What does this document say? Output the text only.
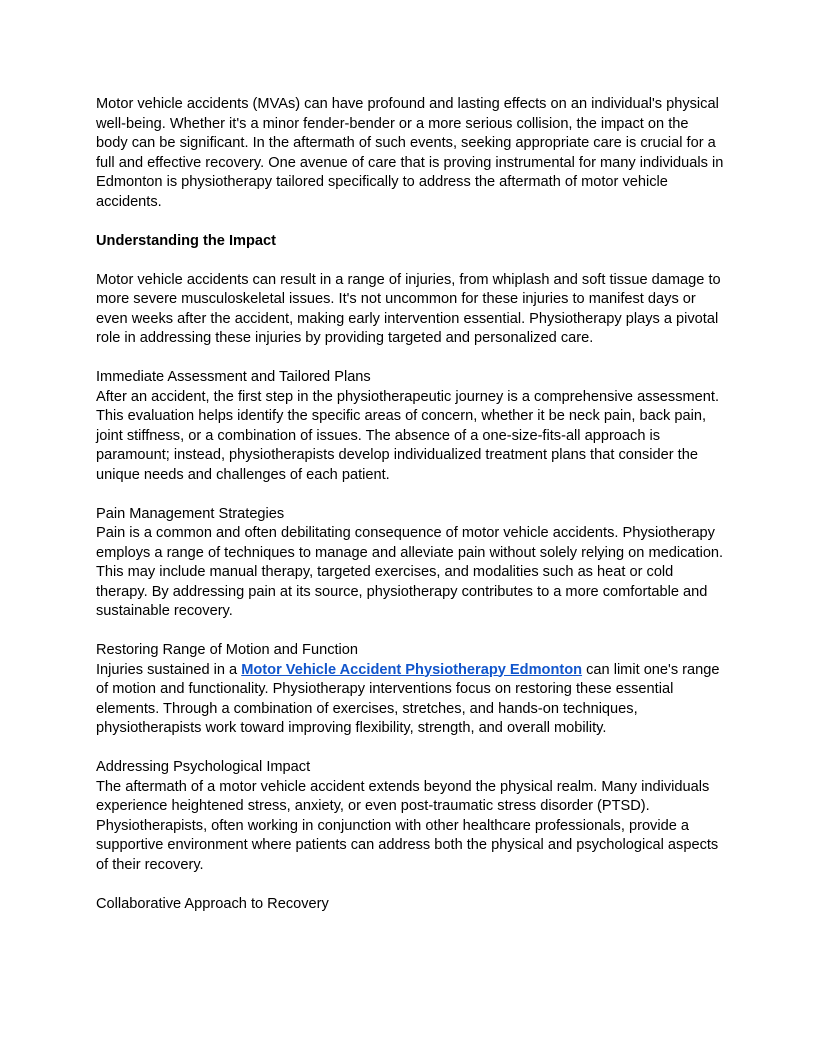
Motor vehicle accidents (MVAs) can have profound and lasting effects on an individual's physical well-being. Whether it's a minor fender-bender or a more serious collision, the impact on the body can be significant. In the aftermath of such events, seeking appropriate care is crucial for a full and effective recovery. One avenue of care that is proving instrumental for many individuals in Edmonton is physiotherapy tailored specifically to address the aftermath of motor vehicle accidents.

Understanding the Impact

Motor vehicle accidents can result in a range of injuries, from whiplash and soft tissue damage to more severe musculoskeletal issues. It's not uncommon for these injuries to manifest days or even weeks after the accident, making early intervention essential. Physiotherapy plays a pivotal role in addressing these injuries by providing targeted and personalized care.

Immediate Assessment and Tailored Plans
After an accident, the first step in the physiotherapeutic journey is a comprehensive assessment. This evaluation helps identify the specific areas of concern, whether it be neck pain, back pain, joint stiffness, or a combination of issues. The absence of a one-size-fits-all approach is paramount; instead, physiotherapists develop individualized treatment plans that consider the unique needs and challenges of each patient.

Pain Management Strategies
Pain is a common and often debilitating consequence of motor vehicle accidents. Physiotherapy employs a range of techniques to manage and alleviate pain without solely relying on medication. This may include manual therapy, targeted exercises, and modalities such as heat or cold therapy. By addressing pain at its source, physiotherapy contributes to a more comfortable and sustainable recovery.

Restoring Range of Motion and Function
Injuries sustained in a Motor Vehicle Accident Physiotherapy Edmonton can limit one's range of motion and functionality. Physiotherapy interventions focus on restoring these essential elements. Through a combination of exercises, stretches, and hands-on techniques, physiotherapists work toward improving flexibility, strength, and overall mobility.

Addressing Psychological Impact
The aftermath of a motor vehicle accident extends beyond the physical realm. Many individuals experience heightened stress, anxiety, or even post-traumatic stress disorder (PTSD). Physiotherapists, often working in conjunction with other healthcare professionals, provide a supportive environment where patients can address both the physical and psychological aspects of their recovery.

Collaborative Approach to Recovery
